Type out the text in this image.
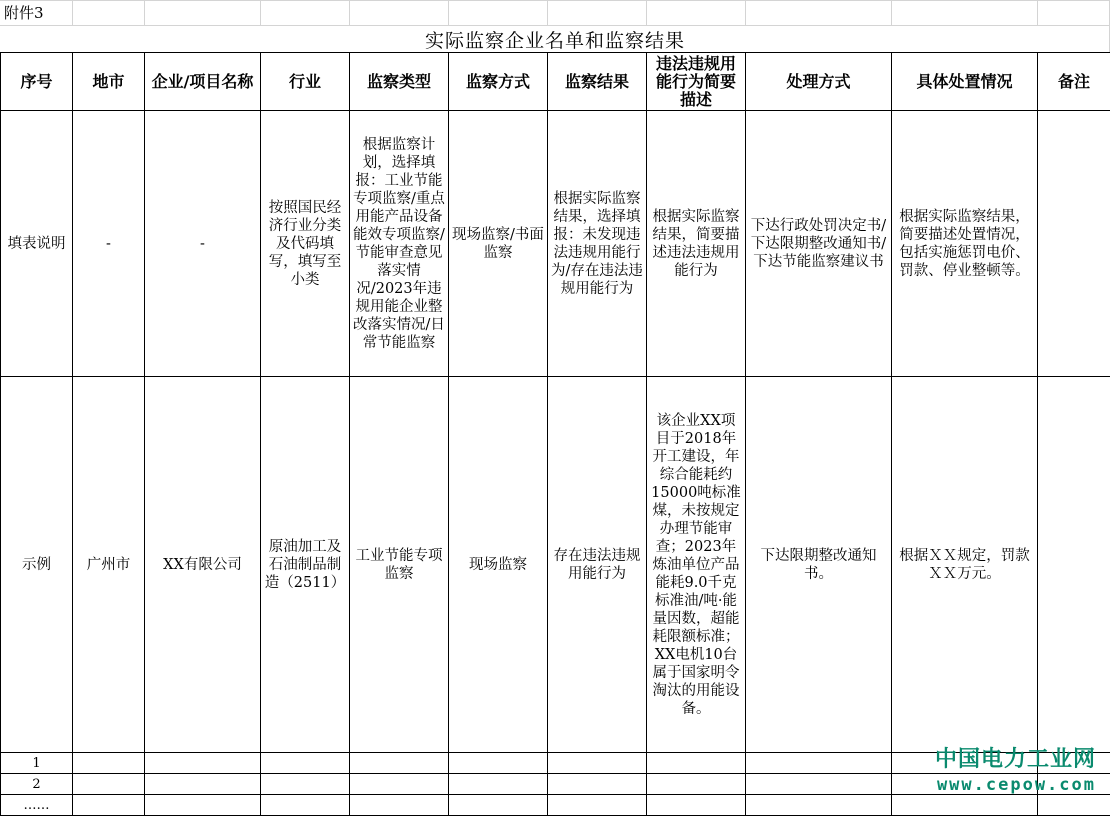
附件3
实际监察企业名单和监察结果
序号	地市	企业/项目名称	行业	监察类型	监察方式	监察结果	违法违规用能行为简要描述	处理方式	具体处置情况	备注
填表说明	-	-	按照国民经济行业分类及代码填写，填写至小类	根据监察计划，选择填报：工业节能专项监察/重点用能产品设备能效专项监察/节能审查意见落实情况/2023年违规用能企业整改落实情况/日常节能监察	现场监察/书面监察	根据实际监察结果，选择填报：未发现违法违规用能行为/存在违法违规用能行为	根据实际监察结果，简要描述违法违规用能行为	下达行政处罚决定书/下达限期整改通知书/下达节能监察建议书	根据实际监察结果，简要描述处置情况，包括实施惩罚电价、罚款、停业整顿等。	
示例	广州市	XX有限公司	原油加工及石油制品制造（2511）	工业节能专项监察	现场监察	存在违法违规用能行为	该企业XX项目于2018年开工建设，年综合能耗约15000吨标准煤，未按规定办理节能审查；2023年炼油单位产品能耗9.0千克标准油/吨·能量因数，超能耗限额标准；XX电机10台属于国家明令淘汰的用能设备。	下达限期整改通知书。	根据ＸＸ规定，罚款ＸＸ万元。	
1										
2										
……										
中国电力工业网
www.cepow.com
